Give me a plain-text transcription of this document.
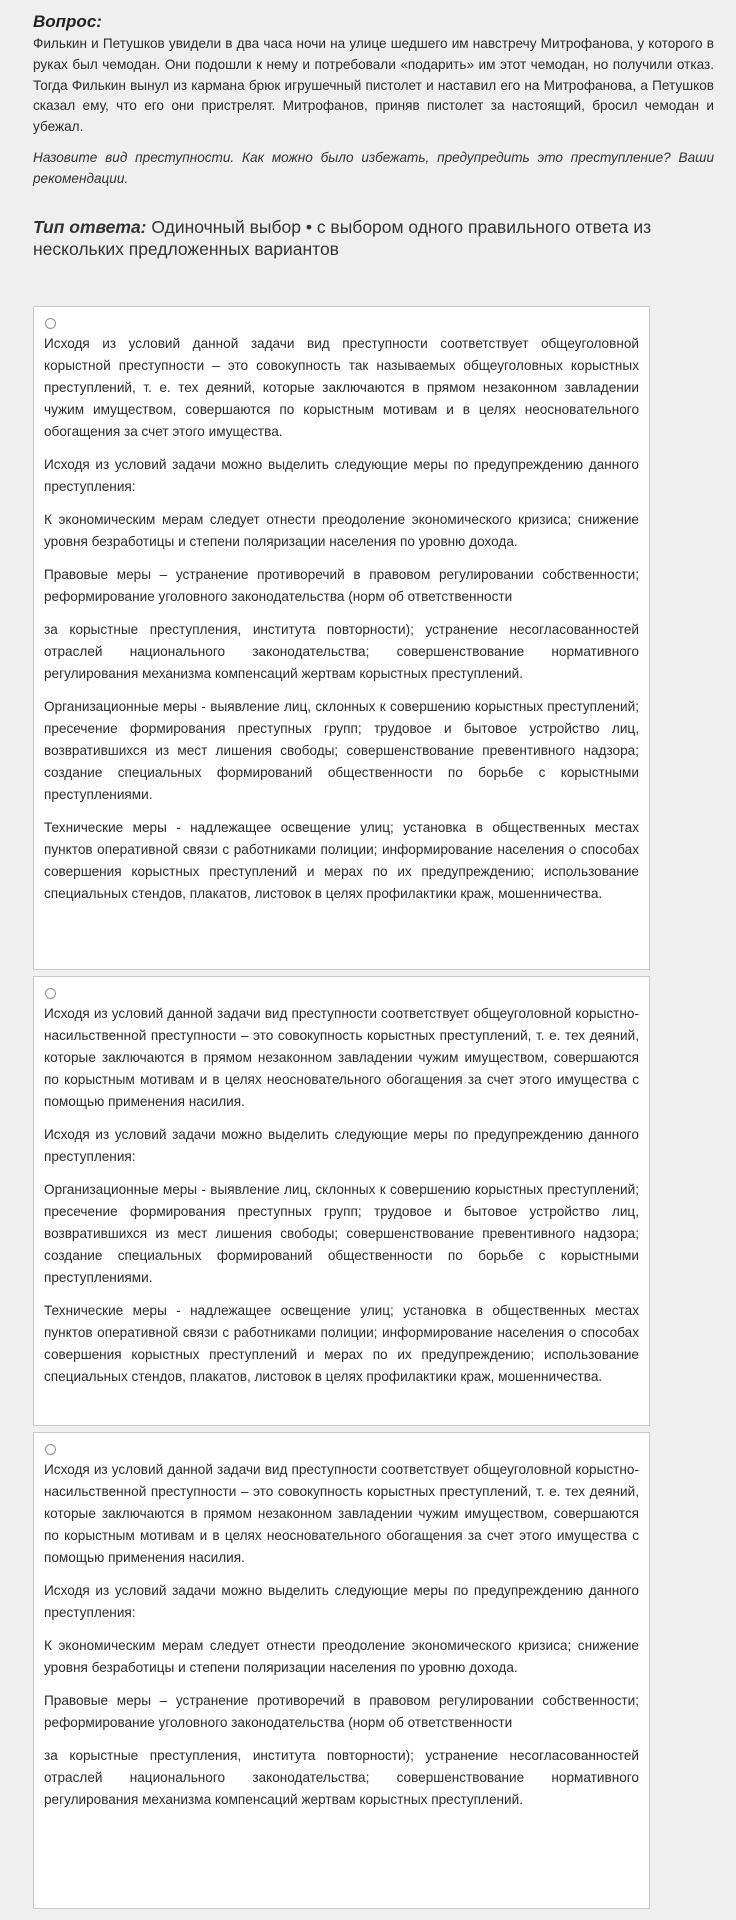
Вопрос:

Филькин и Петушков увидели в два часа ночи на улице шедшего им навстречу Митрофанова, у которого в руках был чемодан. Они подошли к нему и потребовали «подарить» им этот чемодан, но получили отказ. Тогда Филькин вынул из кармана брюк игрушечный пистолет и наставил его на Митрофанова, а Петушков сказал ему, что его они пристрелят. Митрофанов, приняв пистолет за настоящий, бросил чемодан и убежал.

Назовите вид преступности. Как можно было избежать, предупредить это преступление? Ваши рекомендации.

Тип ответа: Одиночный выбор • с выбором одного правильного ответа из нескольких предложенных вариантов

Исходя из условий данной задачи вид преступности соответствует общеуголовной корыстной преступности – это совокупность так называемых общеуголовных корыстных преступлений, т. е. тех деяний, которые заключаются в прямом незаконном завладении чужим имуществом, совершаются по корыстным мотивам и в целях неосновательного обогащения за счет этого имущества.

Исходя из условий задачи можно выделить следующие меры по предупреждению данного преступления:

К экономическим мерам следует отнести преодоление экономического кризиса; снижение уровня безработицы и степени поляризации населения по уровню дохода.

Правовые меры – устранение противоречий в правовом регулировании собственности; реформирование уголовного законодательства (норм об ответственности

за корыстные преступления, института повторности); устранение несогласованностей отраслей национального законодательства; совершенствование нормативного регулирования механизма компенсаций жертвам корыстных преступлений.

Организационные меры - выявление лиц, склонных к совершению корыстных преступлений; пресечение формирования преступных групп; трудовое и бытовое устройство лиц, возвратившихся из мест лишения свободы; совершенствование превентивного надзора; создание специальных формирований общественности по борьбе с корыстными преступлениями.

Технические меры - надлежащее освещение улиц; установка в общественных местах пунктов оперативной связи с работниками полиции; информирование населения о способах совершения корыстных преступлений и мерах по их предупреждению; использование специальных стендов, плакатов, листовок в целях профилактики краж, мошенничества.

Исходя из условий данной задачи вид преступности соответствует общеуголовной корыстно-насильственной преступности – это совокупность корыстных преступлений, т. е. тех деяний, которые заключаются в прямом незаконном завладении чужим имуществом, совершаются по корыстным мотивам и в целях неосновательного обогащения за счет этого имущества с помощью применения насилия.

Исходя из условий задачи можно выделить следующие меры по предупреждению данного преступления:

Организационные меры - выявление лиц, склонных к совершению корыстных преступлений; пресечение формирования преступных групп; трудовое и бытовое устройство лиц, возвратившихся из мест лишения свободы; совершенствование превентивного надзора; создание специальных формирований общественности по борьбе с корыстными преступлениями.

Технические меры - надлежащее освещение улиц; установка в общественных местах пунктов оперативной связи с работниками полиции; информирование населения о способах совершения корыстных преступлений и мерах по их предупреждению; использование специальных стендов, плакатов, листовок в целях профилактики краж, мошенничества.

Исходя из условий данной задачи вид преступности соответствует общеуголовной корыстно-насильственной преступности – это совокупность корыстных преступлений, т. е. тех деяний, которые заключаются в прямом незаконном завладении чужим имуществом, совершаются по корыстным мотивам и в целях неосновательного обогащения за счет этого имущества с помощью применения насилия.

Исходя из условий задачи можно выделить следующие меры по предупреждению данного преступления:

К экономическим мерам следует отнести преодоление экономического кризиса; снижение уровня безработицы и степени поляризации населения по уровню дохода.

Правовые меры – устранение противоречий в правовом регулировании собственности; реформирование уголовного законодательства (норм об ответственности

за корыстные преступления, института повторности); устранение несогласованностей отраслей национального законодательства; совершенствование нормативного регулирования механизма компенсаций жертвам корыстных преступлений.
